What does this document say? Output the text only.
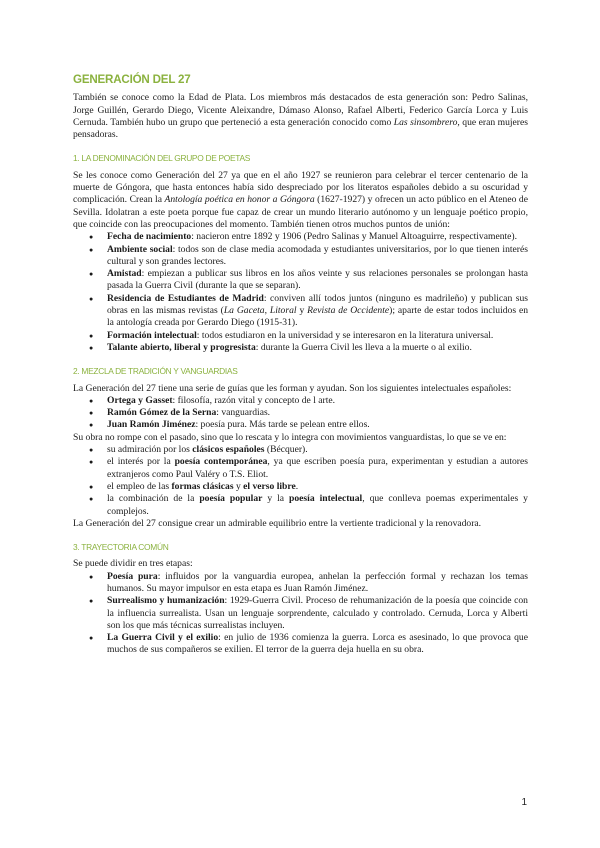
GENERACIÓN DEL 27

También se conoce como la Edad de Plata. Los miembros más destacados de esta generación son: Pedro Salinas, Jorge Guillén, Gerardo Diego, Vicente Aleixandre, Dámaso Alonso, Rafael Alberti, Federico García Lorca y Luis Cernuda. También hubo un grupo que perteneció a esta generación conocido como Las sinsombrero, que eran mujeres pensadoras.

1. LA DENOMINACIÓN DEL GRUPO DE POETAS

Se les conoce como Generación del 27 ya que en el año 1927 se reunieron para celebrar el tercer centenario de la muerte de Góngora, que hasta entonces había sido despreciado por los literatos españoles debido a su oscuridad y complicación. Crean la Antología poética en honor a Góngora (1627-1927) y ofrecen un acto público en el Ateneo de Sevilla. Idolatran a este poeta porque fue capaz de crear un mundo literario autónomo y un lenguaje poético propio, que coincide con las preocupaciones del momento. También tienen otros muchos puntos de unión:

● Fecha de nacimiento: nacieron entre 1892 y 1906 (Pedro Salinas y Manuel Altoaguirre, respectivamente).
● Ambiente social: todos son de clase media acomodada y estudiantes universitarios, por lo que tienen interés cultural y son grandes lectores.
● Amistad: empiezan a publicar sus libros en los años veinte y sus relaciones personales se prolongan hasta pasada la Guerra Civil (durante la que se separan).
● Residencia de Estudiantes de Madrid: conviven allí todos juntos (ninguno es madrileño) y publican sus obras en las mismas revistas (La Gaceta, Litoral y Revista de Occidente); aparte de estar todos incluidos en la antología creada por Gerardo Diego (1915-31).
● Formación intelectual: todos estudiaron en la universidad y se interesaron en la literatura universal.
● Talante abierto, liberal y progresista: durante la Guerra Civil les lleva a la muerte o al exilio.
2. MEZCLA DE TRADICIÓN Y VANGUARDIAS

La Generación del 27 tiene una serie de guías que les forman y ayudan. Son los siguientes intelectuales españoles:

● Ortega y Gasset: filosofía, razón vital y concepto de l arte.
● Ramón Gómez de la Serna: vanguardias.
● Juan Ramón Jiménez: poesía pura. Más tarde se pelean entre ellos.

Su obra no rompe con el pasado, sino que lo rescata y lo integra con movimientos vanguardistas, lo que se ve en:

● su admiración por los clásicos españoles (Bécquer).
● el interés por la poesía contemporánea, ya que escriben poesía pura, experimentan y estudian a autores extranjeros como Paul Valéry o T.S. Eliot.
● el empleo de las formas clásicas y el verso libre.
● la combinación de la poesía popular y la poesía intelectual, que conlleva poemas experimentales y complejos.

La Generación del 27 consigue crear un admirable equilibrio entre la vertiente tradicional y la renovadora.

3. TRAYECTORIA COMÚN

Se puede dividir en tres etapas:

● Poesía pura: influidos por la vanguardia europea, anhelan la perfección formal y rechazan los temas humanos. Su mayor impulsor en esta etapa es Juan Ramón Jiménez.
● Surrealismo y humanización: 1929-Guerra Civil. Proceso de rehumanización de la poesía que coincide con la influencia surrealista. Usan un lenguaje sorprendente, calculado y controlado. Cernuda, Lorca y Alberti son los que más técnicas surrealistas incluyen.
● La Guerra Civil y el exilio: en julio de 1936 comienza la guerra. Lorca es asesinado, lo que provoca que muchos de sus compañeros se exilien. El terror de la guerra deja huella en su obra.
1
